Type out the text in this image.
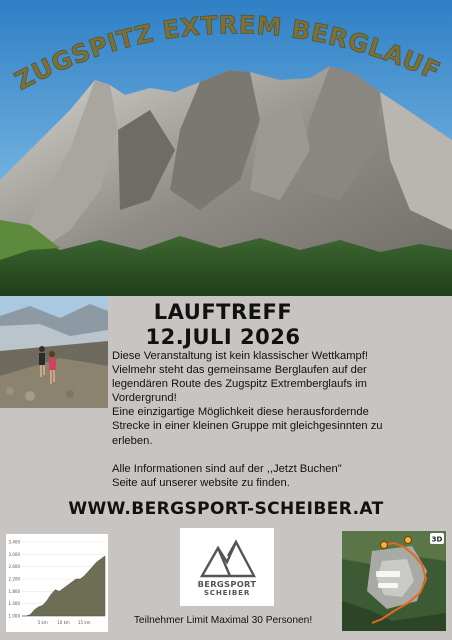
ZUGSPITZ EXTREM BERGLAUF
LAUFTREFF
12.JULI 2026

Diese Veranstaltung ist kein klassischer Wettkampf!

Vielmehr steht das gemeinsame Berglaufen auf der

legendären Route des Zugspitz Extremberglaufs im

Vordergrund!

Eine einzigartige Möglichkeit diese herausfordernde

Strecke in einer kleinen Gruppe mit gleichgesinnten zu

erleben.

Alle Informationen sind auf der ,,Jetzt Buchen"

Seite auf unserer website zu finden.

WWW.BERGSPORT-SCHEIBER.AT
3.400
3.000
2.600
2.200
1.800
1.400
1.000
5 km 10 km 15 km
BERGSPORT
SCHEIBER
Teilnehmer Limit Maximal 30 Personen!
3D
